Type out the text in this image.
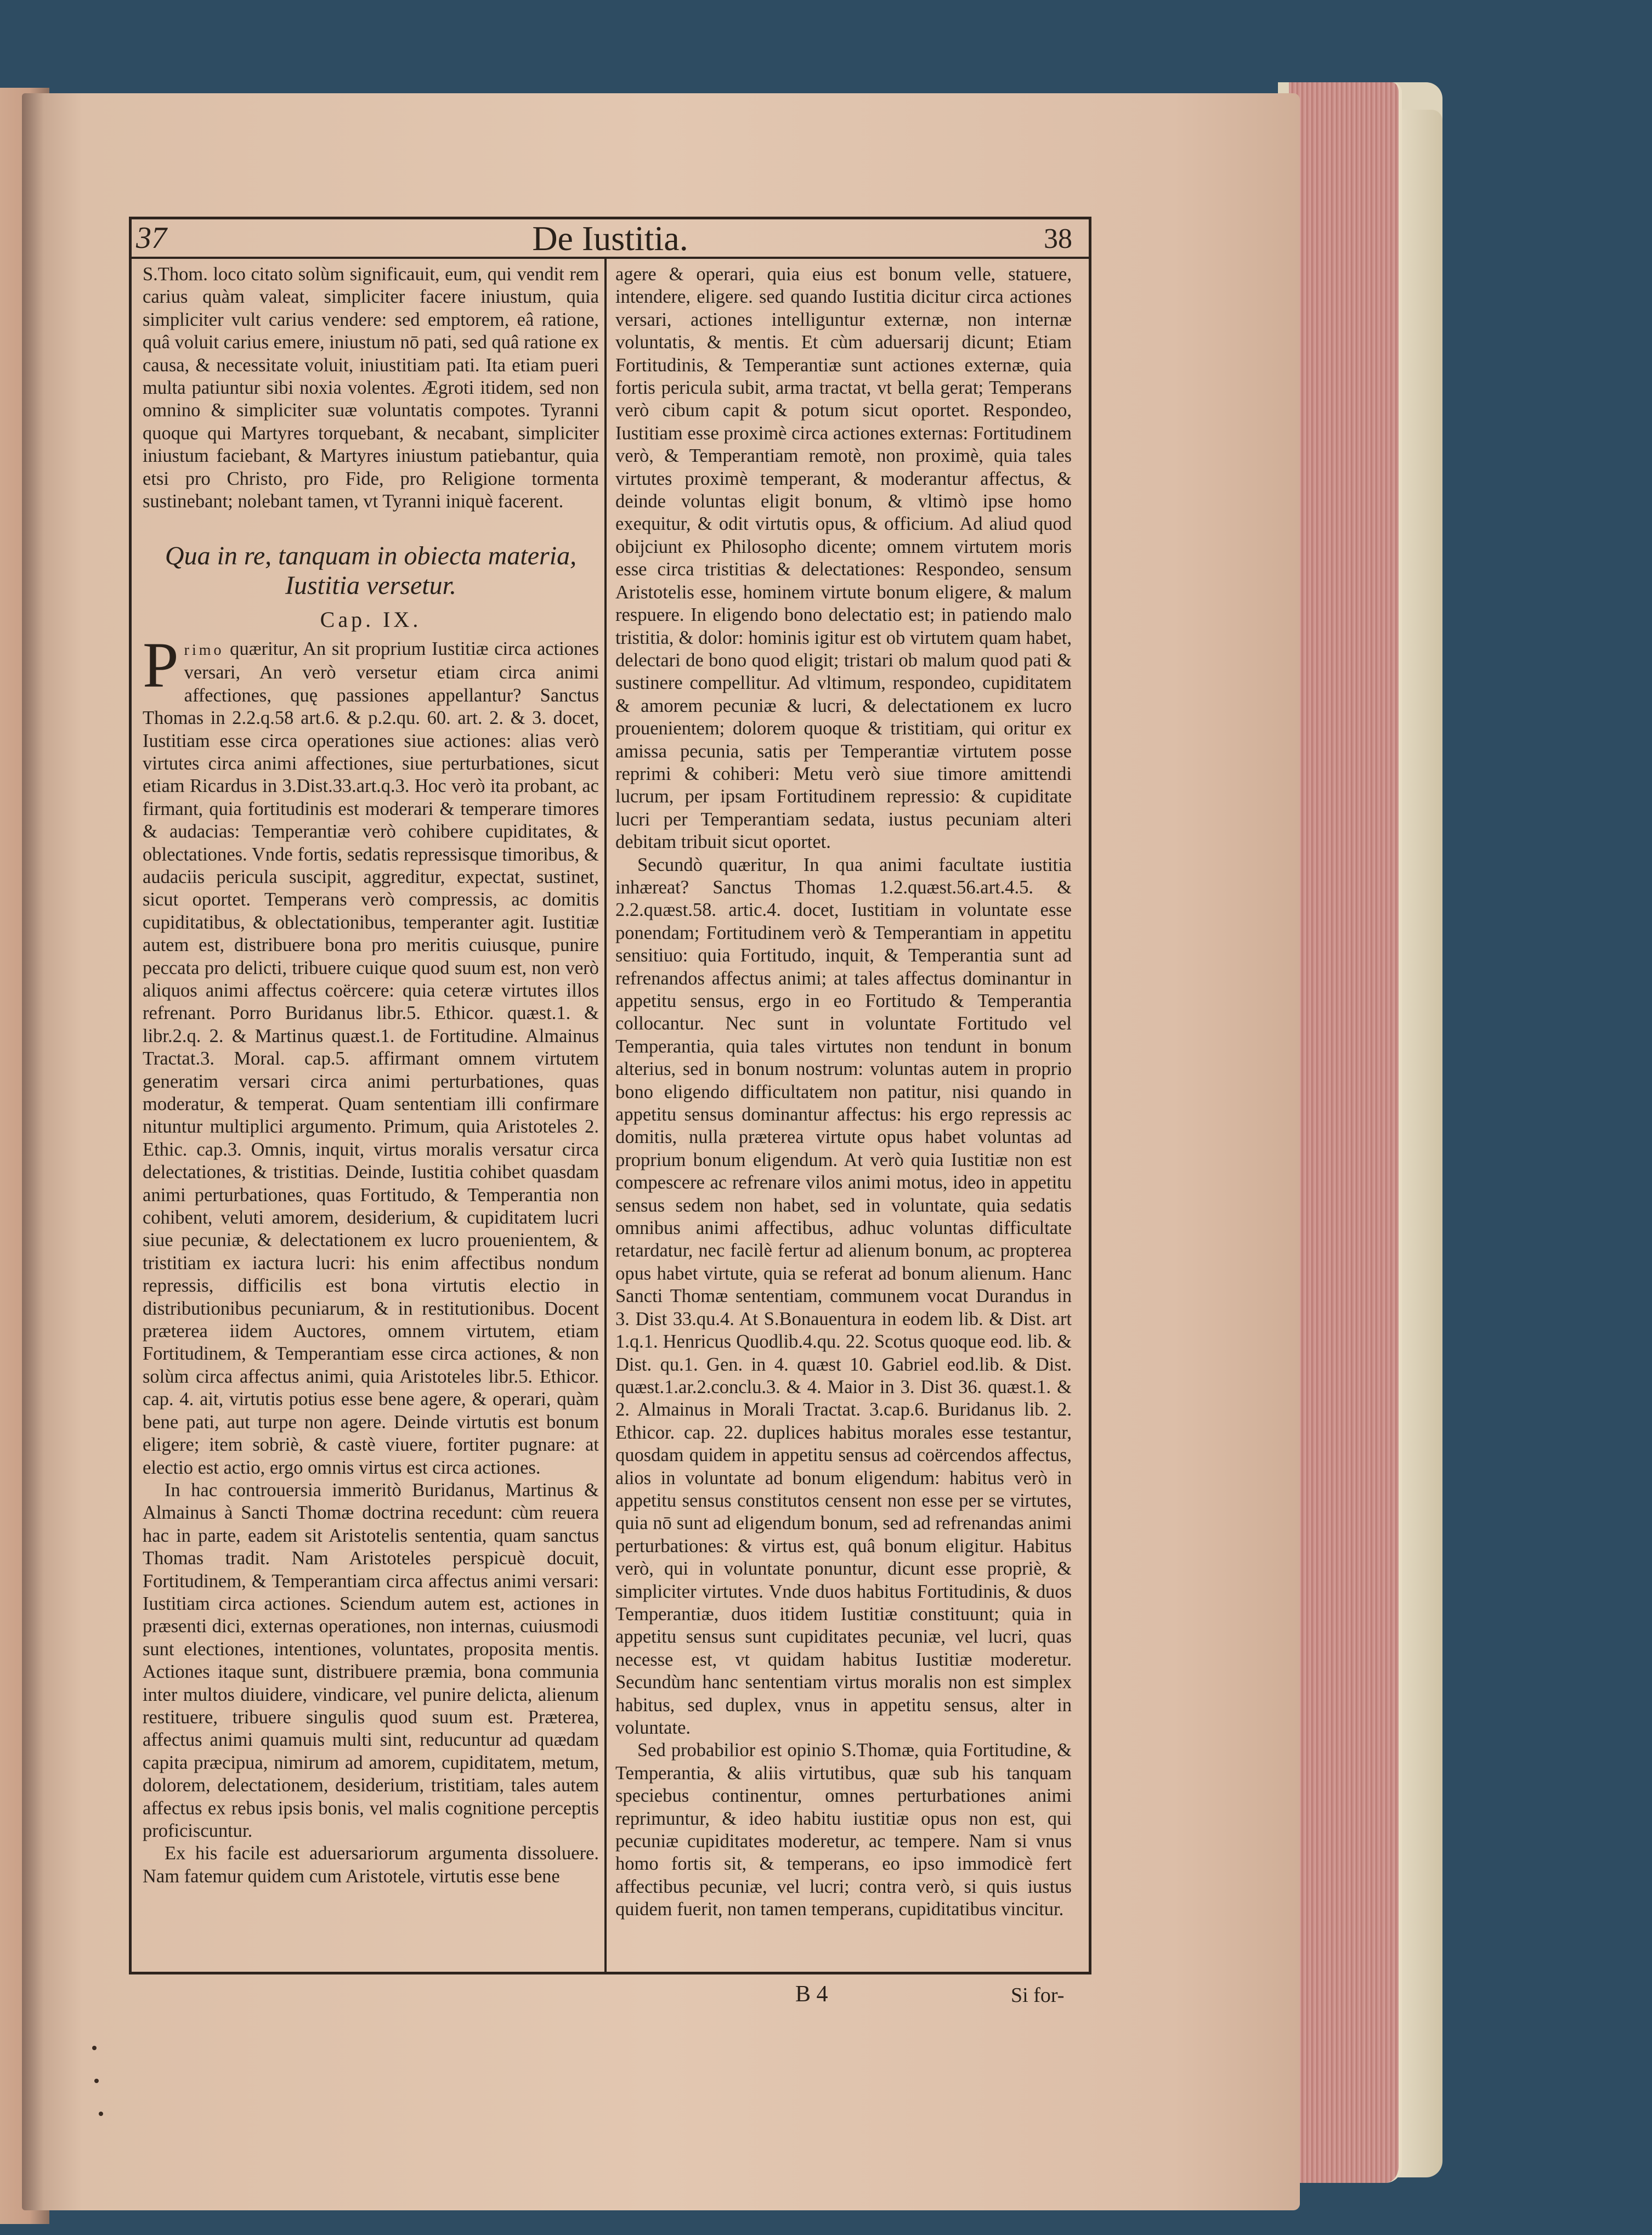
37	De Iustitia.	38

S.Thom. loco citato solùm significauit, eum, qui vendit rem carius quàm valeat, simpliciter facere iniustum, quia simpliciter vult carius vendere: sed emptorem, eâ ratione, quâ voluit carius emere, iniustum nō pati, sed quâ ratione ex causa, & necessitate voluit, iniustitiam pati. Ita etiam pueri multa patiuntur sibi noxia volentes. Ægroti itidem, sed non omnino & simpliciter suæ voluntatis compotes. Tyranni quoque qui Martyres torquebant, & necabant, simpliciter iniustum faciebant, & Martyres iniustum patiebantur, quia etsi pro Christo, pro Fide, pro Religione tormenta sustinebant; nolebant tamen, vt Tyranni iniquè facerent.

Qua in re, tanquam in obiecta materia,
Iustitia versetur.
Cap. IX.

Primo quæritur, An sit proprium Iustitiæ circa actiones versari, An verò versetur etiam circa animi affectiones, quę passiones appellantur? Sanctus Thomas in 2.2.q.58 art.6. & p.2.qu. 60. art. 2. & 3. docet, Iustitiam esse circa operationes siue actiones: alias verò virtutes circa animi affectiones, siue perturbationes, sicut etiam Ricardus in 3.Dist.33.art.q.3. Hoc verò ita probant, ac firmant, quia fortitudinis est moderari & temperare timores & audacias: Temperantiæ verò cohibere cupiditates, & oblectationes. Vnde fortis, sedatis repressisque timoribus, & audaciis pericula suscipit, aggreditur, expectat, sustinet, sicut oportet. Temperans verò compressis, ac domitis cupiditatibus, & oblectationibus, temperanter agit. Iustitiæ autem est, distribuere bona pro meritis cuiusque, punire peccata pro delicti, tribuere cuique quod suum est, non verò aliquos animi affectus coërcere: quia ceteræ virtutes illos refrenant. Porro Buridanus libr.5. Ethicor. quæst.1. & libr.2.q. 2. & Martinus quæst.1. de Fortitudine. Almainus Tractat.3. Moral. cap.5. affirmant omnem virtutem generatim versari circa animi perturbationes, quas moderatur, & temperat. Quam sententiam illi confirmare nituntur multiplici argumento. Primum, quia Aristoteles 2. Ethic. cap.3. Omnis, inquit, virtus moralis versatur circa delectationes, & tristitias. Deinde, Iustitia cohibet quasdam animi perturbationes, quas Fortitudo, & Temperantia non cohibent, veluti amorem, desiderium, & cupiditatem lucri siue pecuniæ, & delectationem ex lucro prouenientem, & tristitiam ex iactura lucri: his enim affectibus nondum repressis, difficilis est bona virtutis electio in distributionibus pecuniarum, & in restitutionibus. Docent præterea iidem Auctores, omnem virtutem, etiam Fortitudinem, & Temperantiam esse circa actiones, & non solùm circa affectus animi, quia Aristoteles libr.5. Ethicor. cap. 4. ait, virtutis potius esse bene agere, & operari, quàm bene pati, aut turpe non agere. Deinde virtutis est bonum eligere; item sobriè, & castè viuere, fortiter pugnare: at electio est actio, ergo omnis virtus est circa actiones.

In hac controuersia immeritò Buridanus, Martinus & Almainus à Sancti Thomæ doctrina recedunt: cùm reuera hac in parte, eadem sit Aristotelis sententia, quam sanctus Thomas tradit. Nam Aristoteles perspicuè docuit, Fortitudinem, & Temperantiam circa affectus animi versari: Iustitiam circa actiones. Sciendum autem est, actiones in præsenti dici, externas operationes, non internas, cuiusmodi sunt electiones, intentiones, voluntates, proposita mentis. Actiones itaque sunt, distribuere præmia, bona communia inter multos diuidere, vindicare, vel punire delicta, alienum restituere, tribuere singulis quod suum est. Præterea, affectus animi quamuis multi sint, reducuntur ad quædam capita præcipua, nimirum ad amorem, cupiditatem, metum, dolorem, delectationem, desiderium, tristitiam, tales autem affectus ex rebus ipsis bonis, vel malis cognitione perceptis proficiscuntur.

Ex his facile est aduersariorum argumenta dissoluere. Nam fatemur quidem cum Aristotele, virtutis esse bene

agere & operari, quia eius est bonum velle, statuere, intendere, eligere. sed quando Iustitia dicitur circa actiones versari, actiones intelliguntur externæ, non internæ voluntatis, & mentis. Et cùm aduersarij dicunt; Etiam Fortitudinis, & Temperantiæ sunt actiones externæ, quia fortis pericula subit, arma tractat, vt bella gerat; Temperans verò cibum capit & potum sicut oportet. Respondeo, Iustitiam esse proximè circa actiones externas: Fortitudinem verò, & Temperantiam remotè, non proximè, quia tales virtutes proximè temperant, & moderantur affectus, & deinde voluntas eligit bonum, & vltimò ipse homo exequitur, & odit virtutis opus, & officium. Ad aliud quod obijciunt ex Philosopho dicente; omnem virtutem moris esse circa tristitias & delectationes: Respondeo, sensum Aristotelis esse, hominem virtute bonum eligere, & malum respuere. In eligendo bono delectatio est; in patiendo malo tristitia, & dolor: hominis igitur est ob virtutem quam habet, delectari de bono quod eligit; tristari ob malum quod pati & sustinere compellitur. Ad vltimum, respondeo, cupiditatem & amorem pecuniæ & lucri, & delectationem ex lucro prouenientem; dolorem quoque & tristitiam, qui oritur ex amissa pecunia, satis per Temperantiæ virtutem posse reprimi & cohiberi: Metu verò siue timore amittendi lucrum, per ipsam Fortitudinem repressio: & cupiditate lucri per Temperantiam sedata, iustus pecuniam alteri debitam tribuit sicut oportet.

Secundò quæritur, In qua animi facultate iustitia inhæreat? Sanctus Thomas 1.2.quæst.56.art.4.5. & 2.2.quæst.58. artic.4. docet, Iustitiam in voluntate esse ponendam; Fortitudinem verò & Temperantiam in appetitu sensitiuo: quia Fortitudo, inquit, & Temperantia sunt ad refrenandos affectus animi; at tales affectus dominantur in appetitu sensus, ergo in eo Fortitudo & Temperantia collocantur. Nec sunt in voluntate Fortitudo vel Temperantia, quia tales virtutes non tendunt in bonum alterius, sed in bonum nostrum: voluntas autem in proprio bono eligendo difficultatem non patitur, nisi quando in appetitu sensus dominantur affectus: his ergo repressis ac domitis, nulla præterea virtute opus habet voluntas ad proprium bonum eligendum. At verò quia Iustitiæ non est compescere ac refrenare vilos animi motus, ideo in appetitu sensus sedem non habet, sed in voluntate, quia sedatis omnibus animi affectibus, adhuc voluntas difficultate retardatur, nec facilè fertur ad alienum bonum, ac propterea opus habet virtute, quia se referat ad bonum alienum. Hanc Sancti Thomæ sententiam, communem vocat Durandus in 3. Dist 33.qu.4. At S.Bonauentura in eodem lib. & Dist. art 1.q.1. Henricus Quodlib.4.qu. 22. Scotus quoque eod. lib. & Dist. qu.1. Gen. in 4. quæst 10. Gabriel eod.lib. & Dist. quæst.1.ar.2.conclu.3. & 4. Maior in 3. Dist 36. quæst.1. & 2. Almainus in Morali Tractat. 3.cap.6. Buridanus lib. 2. Ethicor. cap. 22. duplices habitus morales esse testantur, quosdam quidem in appetitu sensus ad coërcendos affectus, alios in voluntate ad bonum eligendum: habitus verò in appetitu sensus constitutos censent non esse per se virtutes, quia nō sunt ad eligendum bonum, sed ad refrenandas animi perturbationes: & virtus est, quâ bonum eligitur. Habitus verò, qui in voluntate ponuntur, dicunt esse propriè, & simpliciter virtutes. Vnde duos habitus Fortitudinis, & duos Temperantiæ, duos itidem Iustitiæ constituunt; quia in appetitu sensus sunt cupiditates pecuniæ, vel lucri, quas necesse est, vt quidam habitus Iustitiæ moderetur. Secundùm hanc sententiam virtus moralis non est simplex habitus, sed duplex, vnus in appetitu sensus, alter in voluntate.

Sed probabilior est opinio S.Thomæ, quia Fortitudine, & Temperantia, & aliis virtutibus, quæ sub his tanquam speciebus continentur, omnes perturbationes animi reprimuntur, & ideo habitu iustitiæ opus non est, qui pecuniæ cupiditates moderetur, ac tempere. Nam si vnus homo fortis sit, & temperans, eo ipso immodicè fert affectibus pecuniæ, vel lucri; contra verò, si quis iustus quidem fuerit, non tamen temperans, cupiditatibus vincitur.

B 4	Si for-
